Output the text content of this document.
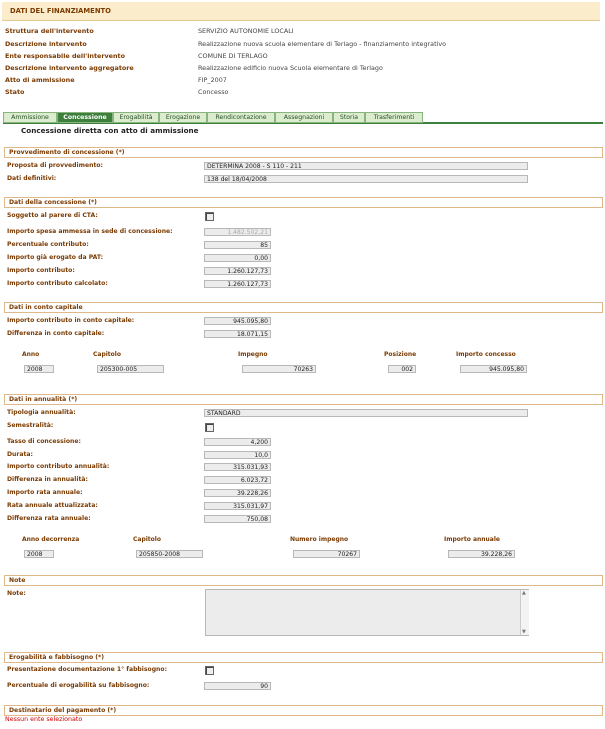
DATI DEL FINANZIAMENTO
Struttura dell'intervento	SERVIZIO AUTONOMIE LOCALI
Descrizione intervento	Realizzazione nuova scuola elementare di Terlago - finanziamento integrativo
Ente responsabile dell'intervento	COMUNE DI TERLAGO
Descrizione intervento aggregatore	Realizzazione edificio nuova Scuola elementare di Terlago
Atto di ammissione	FIP_2007
Stato	Concesso
Ammissione	Concessione	Erogabilità	Erogazione	Rendicontazione	Assegnazioni	Storia	Trasferimenti
Concessione diretta con atto di ammissione
Provvedimento di concessione (*)
Proposta di provvedimento:	DETERMINA 2008 - S 110 - 211
Dati definitivi:	138 del 18/04/2008
Dati della concessione (*)
Soggetto al parere di CTA:
Importo spesa ammessa in sede di concessione:	1.482.502,21
Percentuale contributo:	85
Importo già erogato da PAT:	0,00
Importo contributo:	1.260.127,73
Importo contributo calcolato:	1.260.127,73
Dati in conto capitale
Importo contributo in conto capitale:	945.095,80
Differenza in conto capitale:	18.071,15
Anno	Capitolo	Impegno	Posizione	Importo concesso
2008	205300-005	70263	002	945.095,80
Dati in annualità (*)
Tipologia annualità:	STANDARD
Semestralità:
Tasso di concessione:	4,200
Durata:	10,0
Importo contributo annualità:	315.031,93
Differenza in annualità:	6.023,72
Importo rata annuale:	39.228,26
Rata annuale attualizzata:	315.031,97
Differenza rata annuale:	750,08
Anno decorrenza	Capitolo	Numero impegno	Importo annuale
2008	205850-2008	70267	39.228,26
Note
Note:	▲
▼
Erogabilità e fabbisogno (*)
Presentazione documentazione 1° fabbisogno:
Percentuale di erogabilità su fabbisogno:	90
Destinatario del pagamento (*)
Nessun ente selezionato
